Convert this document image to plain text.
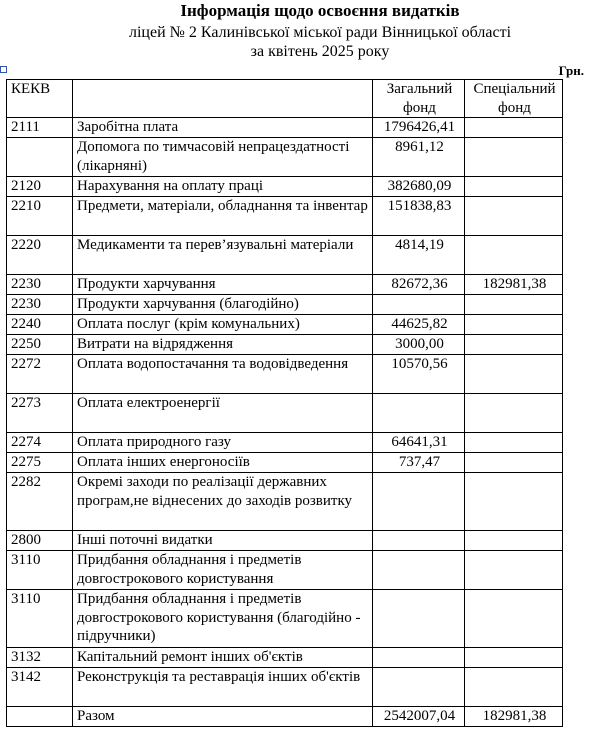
Інформація щодо освоєння видатків
ліцей № 2 Калинівської міської ради Вінницької області
за квітень 2025 року
Грн.
КЕКВ		Загальний фонд	Спеціальний фонд
2111	Заробітна плата	1796426,41	
	Допомога по тимчасовій непрацездатності (лікарняні)	8961,12	
2120	Нарахування на оплату праці	382680,09	
2210	Предмети, матеріали, обладнання та інвентар	151838,83	
2220	Медикаменти та перев’язувальні матеріали	4814,19	
2230	Продукти харчування	82672,36	182981,38
2230	Продукти харчування (благодійно)		
2240	Оплата послуг (крім комунальних)	44625,82	
2250	Витрати на відрядження	3000,00	
2272	Оплата водопостачання та водовідведення	10570,56	
2273	Оплата електроенергії		
2274	Оплата природного газу	64641,31	
2275	Оплата інших енергоносіїв	737,47	
2282	Окремі заходи по реалізації державних програм,не віднесених до заходів розвитку		
2800	Інші поточні видатки		
3110	Придбання обладнання і предметів довгострокового користування		
3110	Придбання обладнання і предметів довгострокового користування (благодійно - підручники)		
3132	Капітальний ремонт інших об'єктів		
3142	Реконструкція та реставрація інших об'єктів		
	Разом	2542007,04	182981,38
